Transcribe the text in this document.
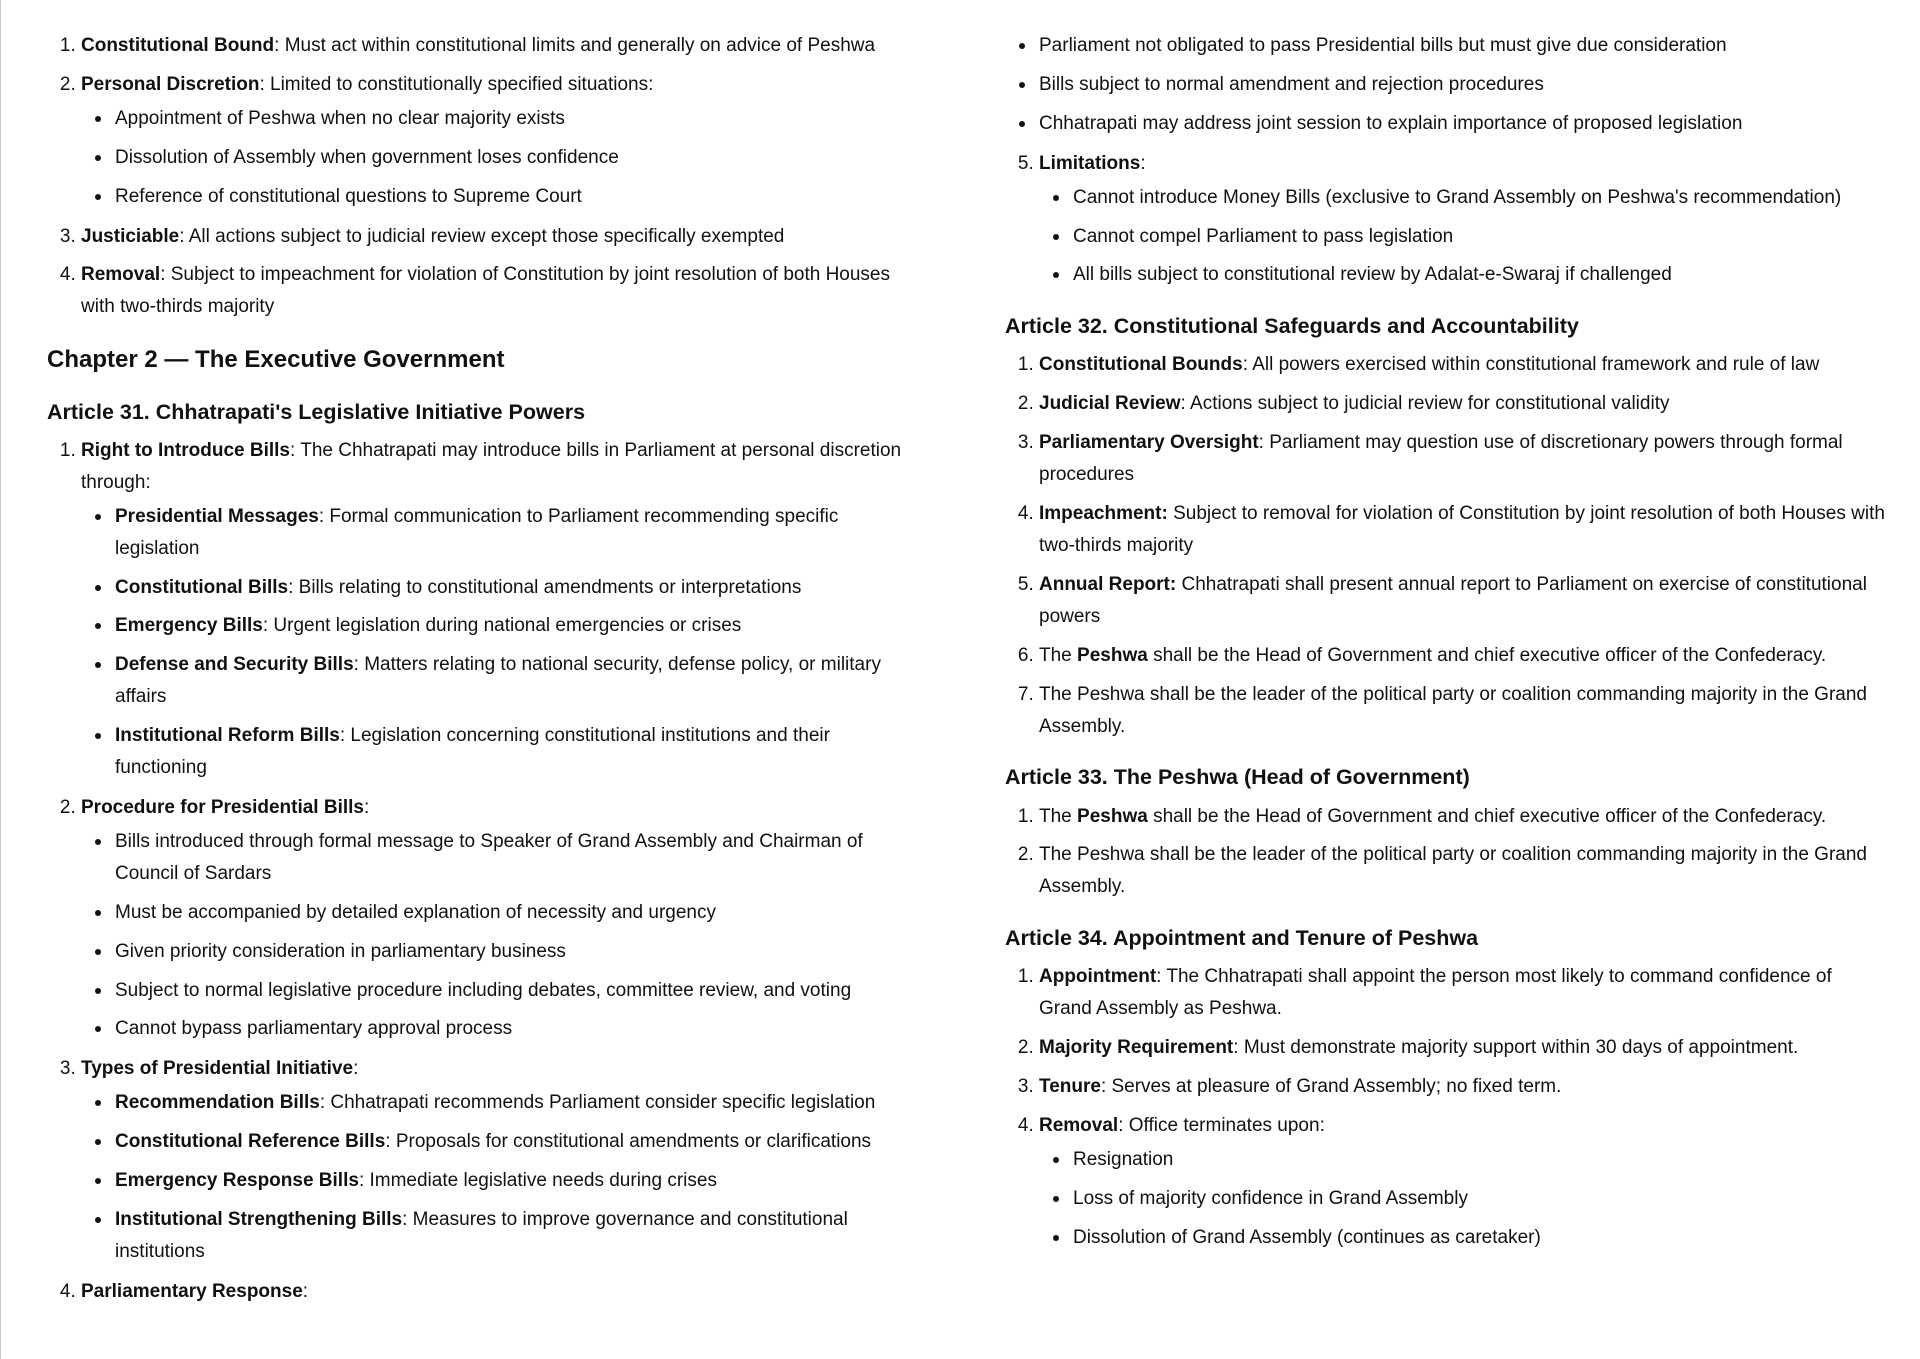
1. Constitutional Bound: Must act within constitutional limits and generally on advice of Peshwa
2. Personal Discretion: Limited to constitutionally specified situations:
Appointment of Peshwa when no clear majority exists
Dissolution of Assembly when government loses confidence
Reference of constitutional questions to Supreme Court
3. Justiciable: All actions subject to judicial review except those specifically exempted
4. Removal: Subject to impeachment for violation of Constitution by joint resolution of both Houses with two-thirds majority
Chapter 2 — The Executive Government
Article 31. Chhatrapati's Legislative Initiative Powers
1. Right to Introduce Bills: The Chhatrapati may introduce bills in Parliament at personal discretion through:
Presidential Messages: Formal communication to Parliament recommending specific legislation
Constitutional Bills: Bills relating to constitutional amendments or interpretations
Emergency Bills: Urgent legislation during national emergencies or crises
Defense and Security Bills: Matters relating to national security, defense policy, or military affairs
Institutional Reform Bills: Legislation concerning constitutional institutions and their functioning
2. Procedure for Presidential Bills:
Bills introduced through formal message to Speaker of Grand Assembly and Chairman of Council of Sardars
Must be accompanied by detailed explanation of necessity and urgency
Given priority consideration in parliamentary business
Subject to normal legislative procedure including debates, committee review, and voting
Cannot bypass parliamentary approval process
3. Types of Presidential Initiative:
Recommendation Bills: Chhatrapati recommends Parliament consider specific legislation
Constitutional Reference Bills: Proposals for constitutional amendments or clarifications
Emergency Response Bills: Immediate legislative needs during crises
Institutional Strengthening Bills: Measures to improve governance and constitutional institutions
4. Parliamentary Response:
Parliament not obligated to pass Presidential bills but must give due consideration
Bills subject to normal amendment and rejection procedures
Chhatrapati may address joint session to explain importance of proposed legislation
5. Limitations:
Cannot introduce Money Bills (exclusive to Grand Assembly on Peshwa's recommendation)
Cannot compel Parliament to pass legislation
All bills subject to constitutional review by Adalat-e-Swaraj if challenged
Article 32. Constitutional Safeguards and Accountability
1. Constitutional Bounds: All powers exercised within constitutional framework and rule of law
2. Judicial Review: Actions subject to judicial review for constitutional validity
3. Parliamentary Oversight: Parliament may question use of discretionary powers through formal procedures
4. Impeachment: Subject to removal for violation of Constitution by joint resolution of both Houses with two-thirds majority
5. Annual Report: Chhatrapati shall present annual report to Parliament on exercise of constitutional powers
6. The Peshwa shall be the Head of Government and chief executive officer of the Confederacy.
7. The Peshwa shall be the leader of the political party or coalition commanding majority in the Grand Assembly.
Article 33. The Peshwa (Head of Government)
1. The Peshwa shall be the Head of Government and chief executive officer of the Confederacy.
2. The Peshwa shall be the leader of the political party or coalition commanding majority in the Grand Assembly.
Article 34. Appointment and Tenure of Peshwa
1. Appointment: The Chhatrapati shall appoint the person most likely to command confidence of Grand Assembly as Peshwa.
2. Majority Requirement: Must demonstrate majority support within 30 days of appointment.
3. Tenure: Serves at pleasure of Grand Assembly; no fixed term.
4. Removal: Office terminates upon:
Resignation
Loss of majority confidence in Grand Assembly
Dissolution of Grand Assembly (continues as caretaker)
